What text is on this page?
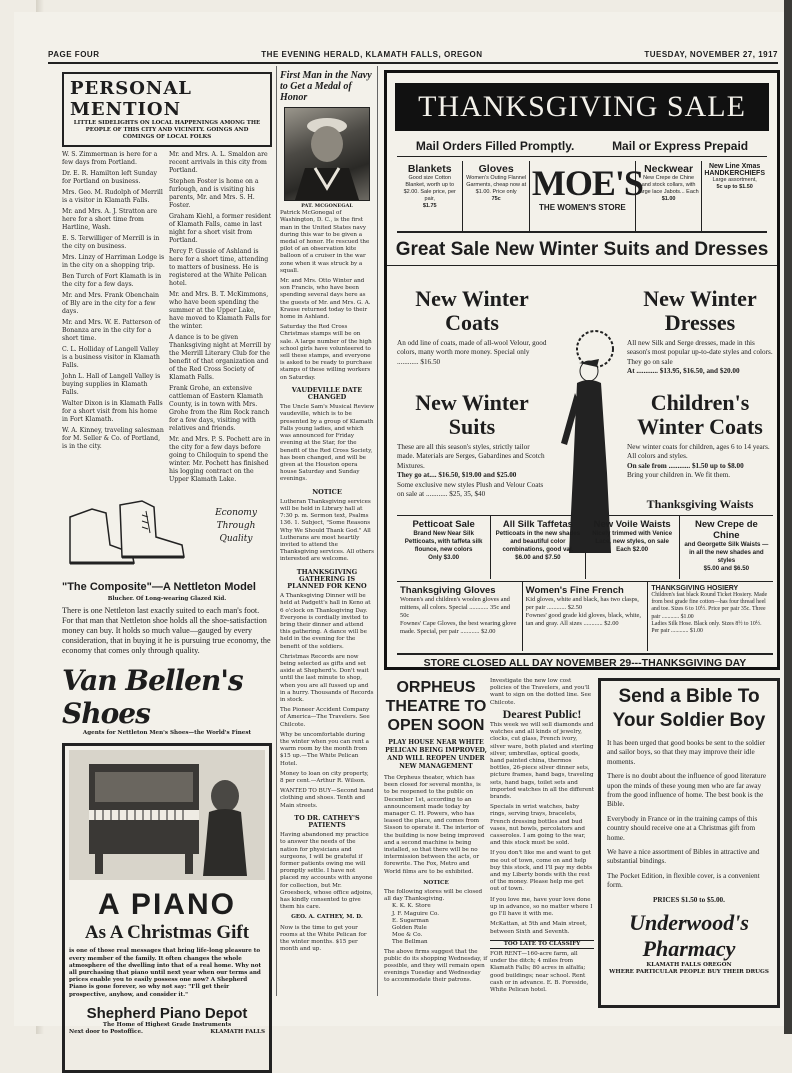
PAGE FOUR	THE EVENING HERALD, KLAMATH FALLS, OREGON	TUESDAY, NOVEMBER 27, 1917
PERSONAL MENTION
LITTLE SIDELIGHTS ON LOCAL HAPPENINGS AMONG THE PEOPLE OF THIS CITY AND VICINITY. GOINGS AND COMINGS OF LOCAL FOLKS

W. S. Zimmerman is here for a few days from Portland.

Dr. E. R. Hamilton left Sunday for Portland on business.

Mrs. Geo. M. Rudolph of Merrill is a visitor in Klamath Falls.

Mr. and Mrs. A. J. Stratton are here for a short time from Hartline, Wash.

E. S. Terwilliger of Merrill is in the city on business.

Mrs. Linzy of Harriman Lodge is in the city on a shopping trip.

Ben Turch of Fort Klamath is in the city for a few days.

Mr. and Mrs. Frank Obenchain of Bly are in the city for a few days.

Mr. and Mrs. W. E. Patterson of Bonanza are in the city for a short time.

C. L. Holliday of Langell Valley is a business visitor in Klamath Falls.

John L. Hall of Langell Valley is buying supplies in Klamath Falls.

Walter Dixon is in Klamath Falls for a short visit from his home in Fort Klamath.

W. A. Kinney, traveling salesman for M. Seller & Co. of Portland, is in the city.

Mr. and Mrs. A. L. Smaldon are recent arrivals in this city from Portland.

Stephen Foster is home on a furlough, and is visiting his parents, Mr. and Mrs. S. H. Foster.

Graham Kiehl, a former resident of Klamath Falls, came in last night for a short visit from Portland.

Percy P. Gussie of Ashland is here for a short time, attending to matters of business. He is registered at the White Pelican hotel.

Mr. and Mrs. B. T. McKimmons, who have been spending the summer at the Upper Lake, have moved to Klamath Falls for the winter.

A dance is to be given Thanksgiving night at Merrill by the Merrill Literary Club for the benefit of that organization and of the Red Cross Society of Klamath Falls.

Frank Grohe, an extensive cattleman of Eastern Klamath County, is in town with Mrs. Grohe from the Rim Rock ranch for a few days, visiting with relatives and friends.

Mr. and Mrs. P. S. Pochett are in the city for a few days before going to Chiloquin to spend the winter. Mr. Pochett has finished his logging contract on the Upper Klamath Lake.

Economy Through Quality
"The Composite"—A Nettleton Model
Blucher. Of Long-wearing Glazed Kid.
There is one Nettleton last exactly suited to each man's foot. For that man that Nettleton shoe holds all the shoe-satisfaction money can buy. It holds so much value—gauged by every consideration, that in buying it he is pursuing true economy, the economy that comes only through quality.
Van Bellen's Shoes
Agents for Nettleton Men's Shoes—the World's Finest
A PIANO
As A Christmas Gift
is one of those real messages that bring life-long pleasure to every member of the family. It often changes the whole atmosphere of the dwelling into that of a real home. Why not all purchasing that piano until next year when our terms and prices enable you to easily possess one now? A Shepherd Piano is gone forever, so why not say: "I'll get their prospective, anyhow, and consider it."
Shepherd Piano Depot
The Home of Highest Grade Instruments
Next door to Postoffice.	KLAMATH FALLS
First Man in the Navy to Get a Medal of Honor
PAT. MCGONEGAL

Patrick McGonegal of Washington, D. C., is the first man in the United States navy during this war to be given a medal of honor. He rescued the pilot of an observation kite balloon of a cruiser in the war zone when it was struck by a squall.

Mr. and Mrs. Otto Winter and son Francis, who have been spending several days here as the guests of Mr. and Mrs. G. A. Krause returned today to their home in Ashland.

Saturday the Red Cross Christmas stamps will be on sale. A large number of the high school girls have volunteered to sell these stamps, and everyone is asked to be ready to purchase stamps of these willing workers on Saturday.

VAUDEVILLE DATE CHANGED

The Uncle Sam's Musical Review vaudeville, which is to be presented by a group of Klamath Falls young ladies, and which was announced for Friday evening at the Star, for the benefit of the Red Cross Society, has been changed, and will be given at the Houston opera house Saturday and Sunday evenings.

NOTICE

Lutheran Thanksgiving services will be held in Library hall at 7:30 p. m. Sermon text, Psalms 136. 1. Subject, "Some Reasons Why We Should Thank God." All Lutherans are most heartily invited to attend the Thanksgiving services. All others interested are welcome.

THANKSGIVING GATHERING IS PLANNED FOR KENO

A Thanksgiving Dinner will be held at Padgett's hall in Keno at 6 o'clock on Thanksgiving Day. Everyone is cordially invited to bring their dinner and attend this gathering. A dance will be held in the evening for the benefit of the soldiers.

Christmas Records are now being selected as gifts and set aside at Shepherd's. Don't wait until the last minute to shop, when you are all fussed up and in a hurry. Thousands of Records in stock.

The Pioneer Accident Company of America—The Travelers. See Chilcote.

Why be uncomfortable during the winter when you can rent a warm room by the month from $15 up.—The White Pelican Hotel.

Money to loan on city property, 8 per cent.—Arthur R. Wilson.

WANTED TO BUY—Second hand clothing and shoes. Tenth and Main streets.

TO DR. CATHEY'S PATIENTS

Having abandoned my practice to answer the needs of the nation for physicians and surgeons, I will be grateful if former patients owing me will promptly settle. I have not placed my accounts with anyone for collection, but Mr. Groesbeck, whose office adjoins, has kindly consented to give them his care.

GEO. A. CATHEY, M. D.

Now is the time to get your rooms at the White Pelican for the winter months. $15 per month and up.

THANKSGIVING SALE
Mail Orders Filled Promptly.	Mail or Express Prepaid
Blankets
Good size Cotton Blanket, worth up to $2.00. Sale price, per pair,
$1.75
Gloves
Women's Outing Flannel Garments, cheap now at $1.00. Price only
75c MOE'S
THE WOMEN'S STORE
Neckwear
New Crepe de Chine and stock collars, with large lace Jabots... Each
$1.00
New Line Xmas HANDKERCHIEFS
Large assortment,
5c up to $1.50
Great Sale New Winter Suits and Dresses
New Winter Coats
An odd line of coats, made of all-wool Velour, good colors, many worth more money. Special only ............ $16.50
New Winter Suits
These are all this season's styles, strictly tailor made. Materials are Serges, Gabardines and Scotch Mixtures.
They go at.... $16.50, $19.00 and $25.00
Some exclusive new styles Plush and Velour Coats on sale at ............ $25, 35, $40
New Winter Dresses
All new Silk and Serge dresses, made in this season's most popular up-to-date styles and colors. They go on sale
At ............ $13.95, $16.50, and $20.00
Children's Winter Coats
New winter coats for children, ages 6 to 14 years. All colors and styles.
On sale from ............ $1.50 up to $8.00
Bring your children in. We fit them.
Thanksgiving Waists
Petticoat Sale
Brand New Near Silk Petticoats, with taffeta silk flounce, new colors
Only $3.00
All Silk Taffetas
Petticoats in the new shades and beautiful color combinations, good val.
$6.00 and $7.50
New Voile Waists
Nicely trimmed with Venice Lace, new styles, on sale
Each $2.00
New Crepe de Chine
and Georgette Silk Waists —in all the new shades and styles
$5.00 and $6.50
Thanksgiving Gloves
Women's and children's woolen gloves and mittens, all colors. Special ............ 35c and 50c
Fownes' Cape Gloves, the best wearing glove made. Special, per pair ............ $2.00
Women's Fine French
Kid gloves, white and black, has two clasps, per pair ............ $2.50
Fownes' good grade kid gloves, black, white, tan and gray. All sizes ............ $2.00
THANKSGIVING HOSIERY
Children's fast black Round Ticket Hosiery. Made from best grade fine cotton—has four thread heel and toe. Sizes 6 to 10½. Price per pair 35c. Three pair ............ $1.00
Ladies Silk Hose. Black only. Sizes 8½ to 10½. Per pair ............ $1.00
STORE CLOSED ALL DAY NOVEMBER 29---THANKSGIVING DAY
ORPHEUS THEATRE TO OPEN SOON
PLAY HOUSE NEAR WHITE PELICAN BEING IMPROVED, AND WILL REOPEN UNDER NEW MANAGEMENT

The Orpheus theater, which has been closed for several months, is to be reopened to the public on December 1st, according to an announcement made today by manager C. H. Powers, who has leased the place, and comes from Sisson to operate it. The interior of the building is now being improved and a second machine is being installed, so that there will be no intermission between the acts, or forewrite. The Fox, Metro and World films are to be exhibited.

NOTICE

The following stores will be closed all day Thanksgiving.

K. K. K. Store
J. F. Maguire Co.
E. Sugarman
Golden Rule
Moe & Co.
The Bellman

The above firms suggest that the public do its shopping Wednesday, if possible, and they will remain open evenings Tuesday and Wednesday to accommodate their patrons.

Investigate the new low cost policies of the Travelers, and you'll want to sign on the dotted line. See Chilcote.

Dearest Public!

This week we will sell diamonds and watches and all kinds of jewelry, clocks, cut glass, French ivory, silver ware, both plated and sterling silver, umbrellas, optical goods, hand painted china, thermos bottles, 26-piece silver dinner sets, picture frames, hand bags, traveling sets, hand bags, toilet sets and imported watches in all the different brands.

Specials in wrist watches, baby rings, serving trays, bracelets, French dressing bottles and bud vases, nut bowls, percolators and casseroles. I am going to the war, and this stock must be sold.

If you don't like me and want to get me out of town, come on and help buy this stock, and I'll pay my debts and my Liberty bonds with the rest of the money. Please help me get out of town.

If you love me, have your love done up in advance, so no matter where I go I'll have it with me.

McKattan, at 5th and Main street, between Sixth and Seventh.

TOO LATE TO CLASSIFY

FOR RENT—160-acre farm, all under the ditch; 4 miles from Klamath Falls; 80 acres in alfalfa; good buildings; near school. Rent cash or in advance. E. B. Foreside, White Pelican hotel.

Send a Bible To Your Soldier Boy

It has been urged that good books be sent to the soldier and sailor boys, so that they may improve their idle moments.

There is no doubt about the influence of good literature upon the minds of these young men who are far away from the good influence of home. The best book is the Bible.

Everybody in France or in the training camps of this country should receive one at a Christmas gift from home.

We have a nice assortment of Bibles in attractive and substantial bindings.

The Pocket Edition, in flexible cover, is a convenient form.

PRICES $1.50 to $5.00.

Underwood's Pharmacy
KLAMATH FALLS OREGON
WHERE PARTICULAR PEOPLE BUY THEIR DRUGS
